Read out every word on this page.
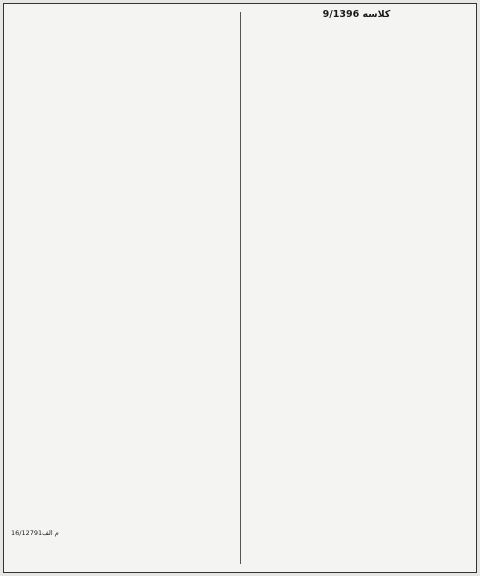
9/1396 کلاسه

16/12791م الف
